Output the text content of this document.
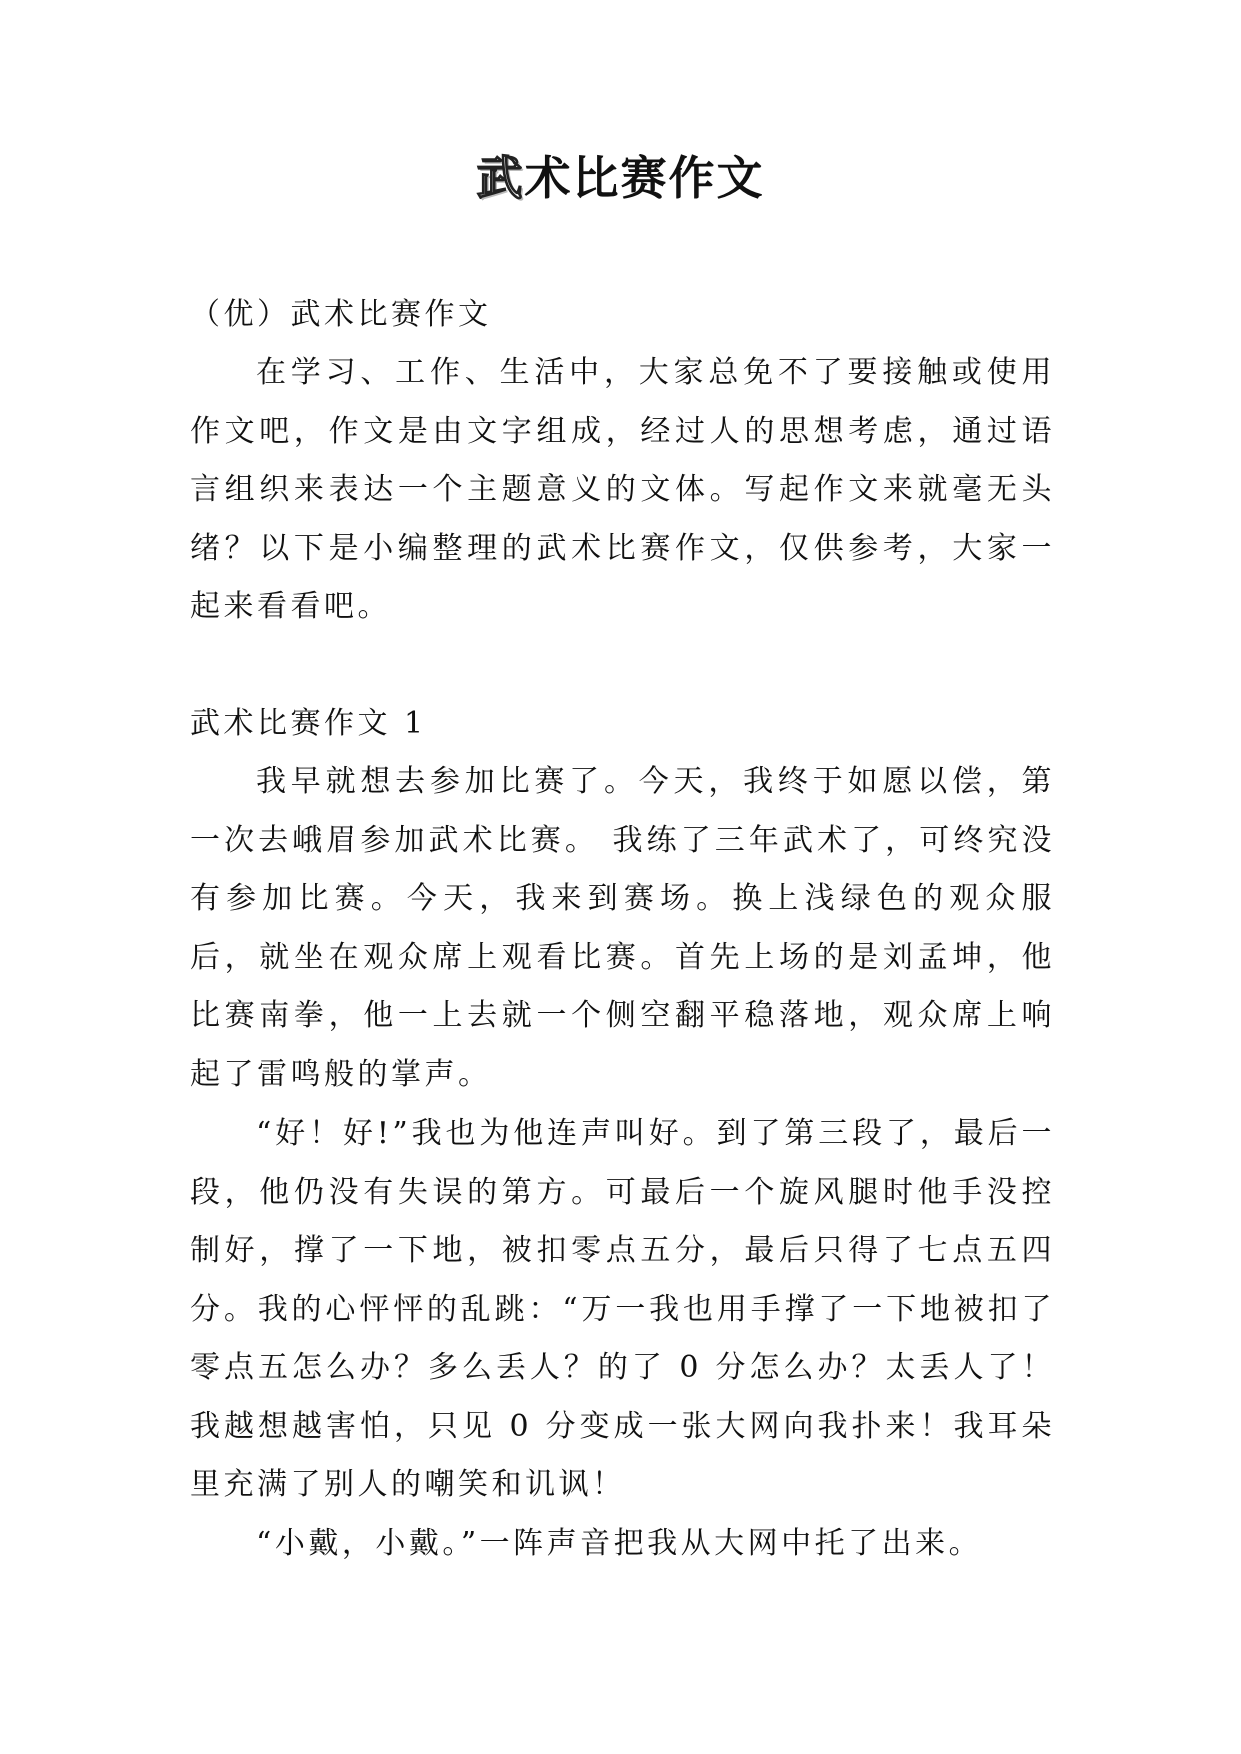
武术比赛作文
（优）武术比赛作文

在学习、工作、生活中，大家总免不了要接触或使用作文吧，作文是由文字组成，经过人的思想考虑，通过语言组织来表达一个主题意义的文体。写起作文来就毫无头绪？以下是小编整理的武术比赛作文，仅供参考，大家一起来看看吧。

武术比赛作文 1

我早就想去参加比赛了。今天，我终于如愿以偿，第一次去峨眉参加武术比赛。 我练了三年武术了，可终究没有参加比赛。今天，我来到赛场。换上浅绿色的观众服后，就坐在观众席上观看比赛。首先上场的是刘孟坤，他比赛南拳，他一上去就一个侧空翻平稳落地，观众席上响起了雷鸣般的掌声。

“好！好!”我也为他连声叫好。到了第三段了，最后一段，他仍没有失误的第方。可最后一个旋风腿时他手没控制好，撑了一下地，被扣零点五分，最后只得了七点五四分。我的心怦怦的乱跳：“万一我也用手撑了一下地被扣了零点五怎么办？多么丢人？的了 0 分怎么办？太丢人了！我越想越害怕，只见 0 分变成一张大网向我扑来！我耳朵里充满了别人的嘲笑和讥讽！

“小戴，小戴。”一阵声音把我从大网中托了出来。
